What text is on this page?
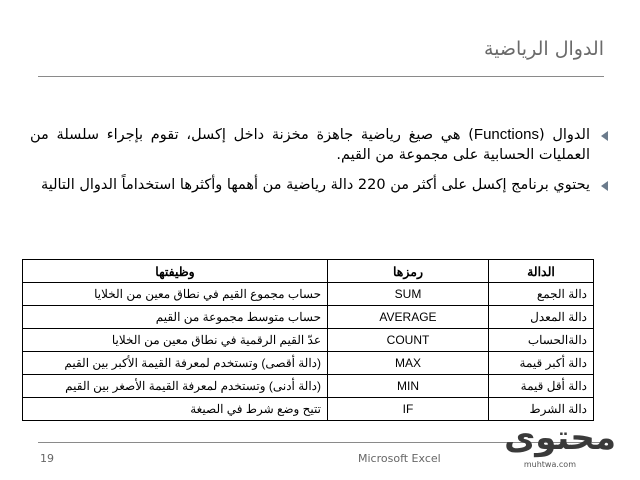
الدوال الرياضية
الدوال (Functions) هي صيغ رياضية جاهزة مخزنة داخل إكسل، تقوم بإجراء سلسلة من العمليات الحسابية على مجموعة من القيم.
يحتوي برنامج إكسل على أكثر من 220 دالة رياضية من أهمها وأكثرها استخداماً الدوال التالية
الدالة	رمزها	وظيفتها
دالة الجمع	SUM	حساب مجموع القيم في نطاق معين من الخلايا
دالة المعدل	AVERAGE	حساب متوسط مجموعة من القيم
دالةالحساب	COUNT	عدّ القيم الرقمية في نطاق معين من الخلايا
دالة أكبر قيمة	MAX	(دالة أقصى) وتستخدم لمعرفة القيمة الأكبر بين القيم
دالة أقل قيمة	MIN	(دالة أدنى) وتستخدم لمعرفة القيمة الأصغر بين القيم
دالة الشرط	IF	تتيح وضع شرط في الصيغة
19	Microsoft Excel
محتوى
muhtwa.com
